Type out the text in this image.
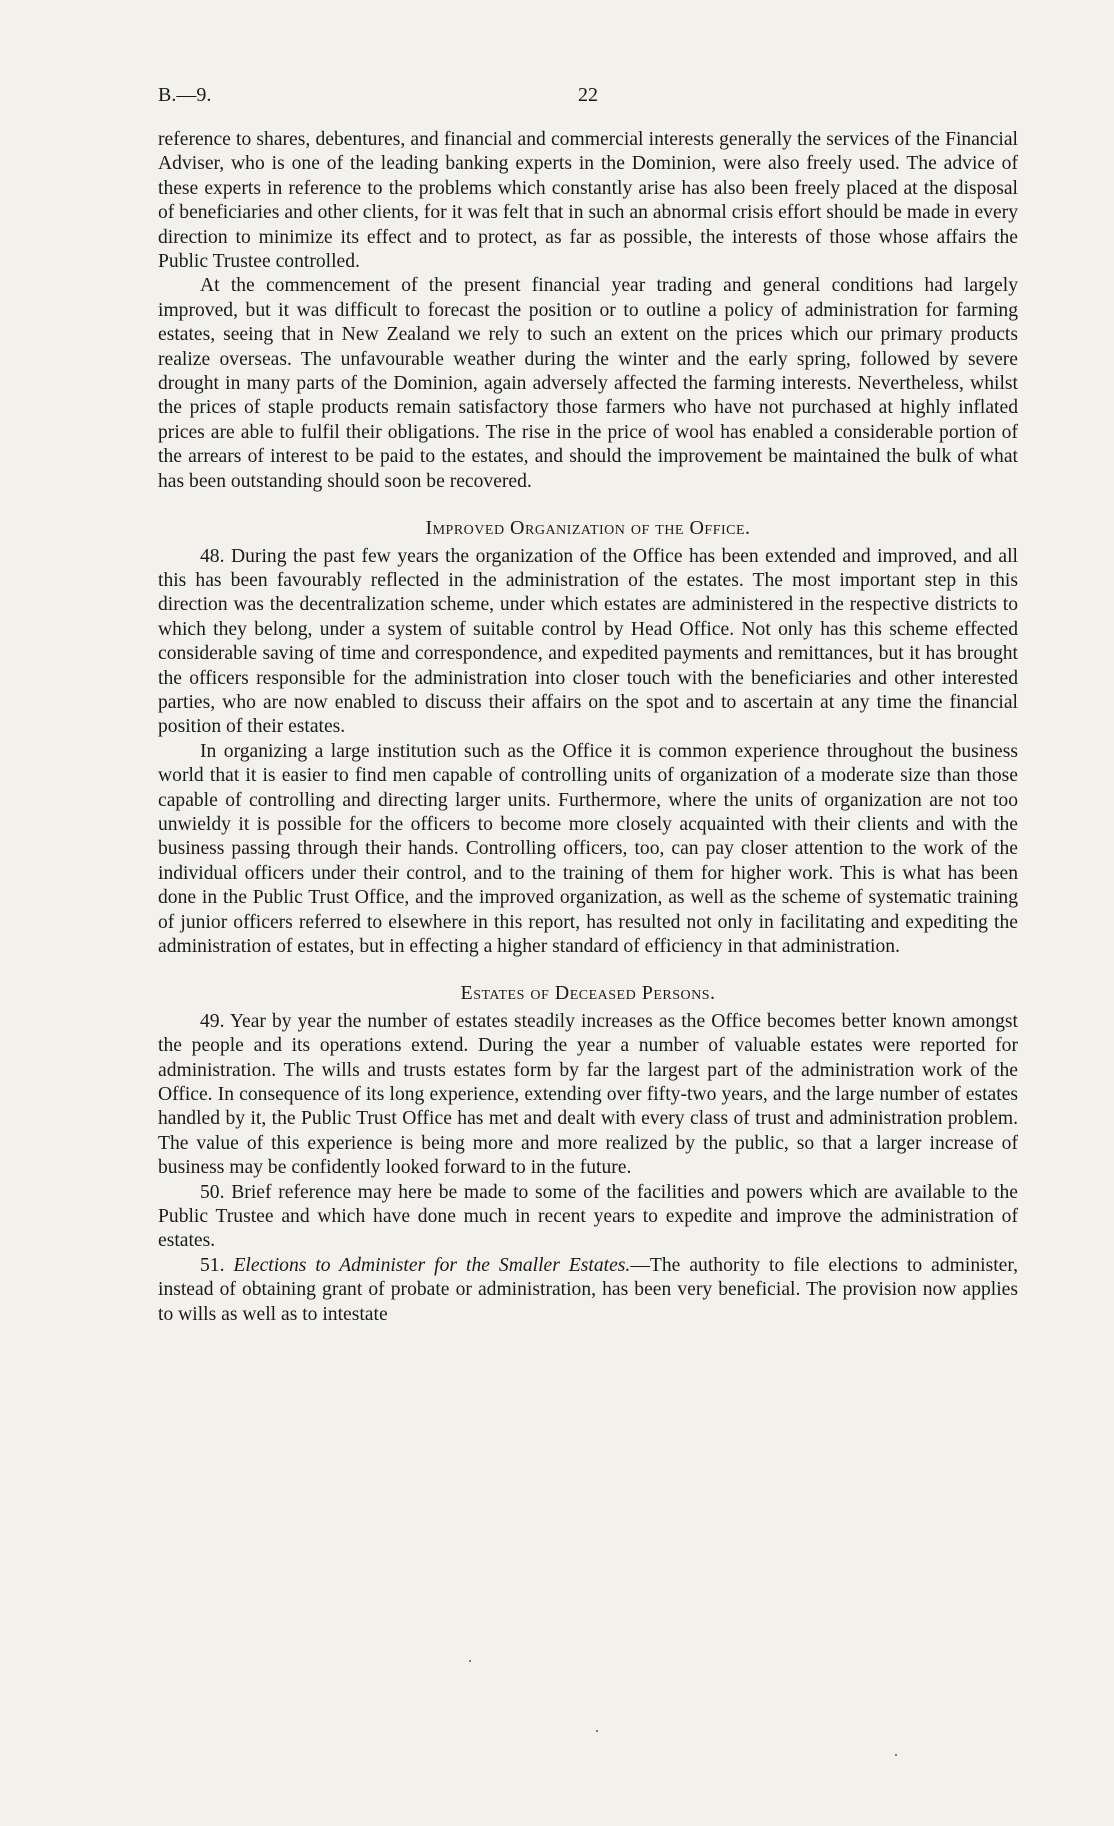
B.—9.	22

reference to shares, debentures, and financial and commercial interests generally the services of the Financial Adviser, who is one of the leading banking experts in the Dominion, were also freely used. The advice of these experts in reference to the problems which constantly arise has also been freely placed at the disposal of beneficiaries and other clients, for it was felt that in such an abnormal crisis effort should be made in every direction to minimize its effect and to protect, as far as possible, the interests of those whose affairs the Public Trustee controlled.

At the commencement of the present financial year trading and general conditions had largely improved, but it was difficult to forecast the position or to outline a policy of administration for farming estates, seeing that in New Zealand we rely to such an extent on the prices which our primary products realize overseas. The unfavourable weather during the winter and the early spring, followed by severe drought in many parts of the Dominion, again adversely affected the farming interests. Nevertheless, whilst the prices of staple products remain satisfactory those farmers who have not purchased at highly inflated prices are able to fulfil their obligations. The rise in the price of wool has enabled a considerable portion of the arrears of interest to be paid to the estates, and should the improvement be maintained the bulk of what has been outstanding should soon be recovered.

Improved Organization of the Office.

48. During the past few years the organization of the Office has been extended and improved, and all this has been favourably reflected in the administration of the estates. The most important step in this direction was the decentralization scheme, under which estates are administered in the respective districts to which they belong, under a system of suitable control by Head Office. Not only has this scheme effected considerable saving of time and correspondence, and expedited payments and remittances, but it has brought the officers responsible for the administration into closer touch with the beneficiaries and other interested parties, who are now enabled to discuss their affairs on the spot and to ascertain at any time the financial position of their estates.

In organizing a large institution such as the Office it is common experience throughout the business world that it is easier to find men capable of controlling units of organization of a moderate size than those capable of controlling and directing larger units. Furthermore, where the units of organization are not too unwieldy it is possible for the officers to become more closely acquainted with their clients and with the business passing through their hands. Controlling officers, too, can pay closer attention to the work of the individual officers under their control, and to the training of them for higher work. This is what has been done in the Public Trust Office, and the improved organization, as well as the scheme of systematic training of junior officers referred to elsewhere in this report, has resulted not only in facilitating and expediting the administration of estates, but in effecting a higher standard of efficiency in that administration.

Estates of Deceased Persons.

49. Year by year the number of estates steadily increases as the Office becomes better known amongst the people and its operations extend. During the year a number of valuable estates were reported for administration. The wills and trusts estates form by far the largest part of the administration work of the Office. In consequence of its long experience, extending over fifty-two years, and the large number of estates handled by it, the Public Trust Office has met and dealt with every class of trust and administration problem. The value of this experience is being more and more realized by the public, so that a larger increase of business may be confidently looked forward to in the future.

50. Brief reference may here be made to some of the facilities and powers which are available to the Public Trustee and which have done much in recent years to expedite and improve the administration of estates.

51. Elections to Administer for the Smaller Estates.—The authority to file elections to administer, instead of obtaining grant of probate or administration, has been very beneficial. The provision now applies to wills as well as to intestate
